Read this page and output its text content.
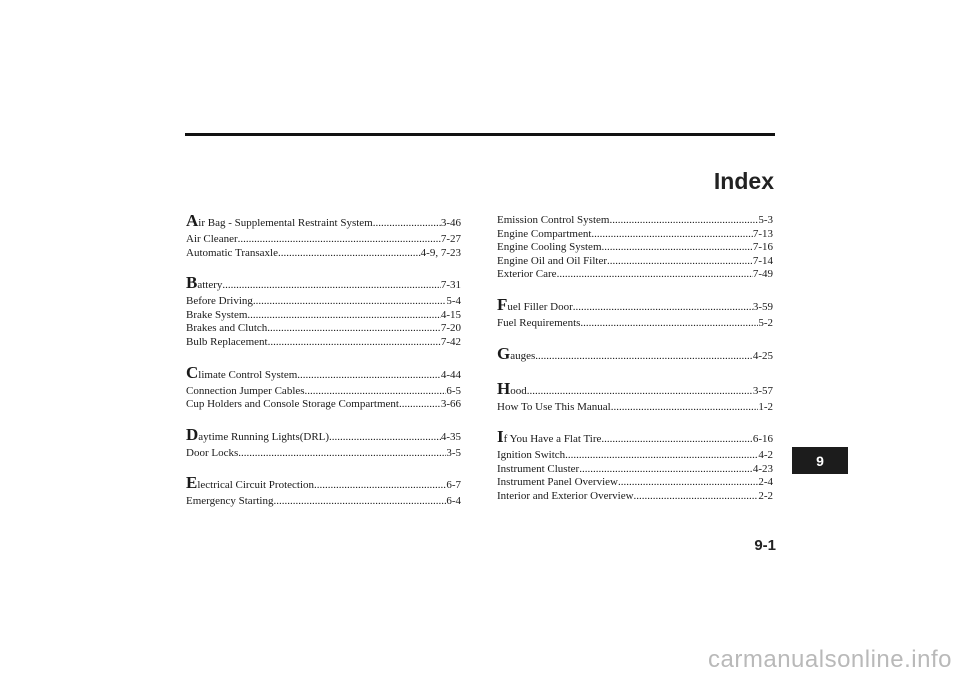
Index
Air Bag - Supplemental Restraint System .....	3-46
Air Cleaner .....	7-27
Automatic Transaxle .....	4-9, 7-23
Battery .....	7-31
Before Driving .....	5-4
Brake System .....	4-15
Brakes and Clutch .....	7-20
Bulb Replacement .....	7-42
Climate Control System .....	4-44
Connection Jumper Cables .....	6-5
Cup Holders and Console Storage Compartment .....	3-66
Daytime Running Lights(DRL) .....	4-35
Door Locks .....	3-5
Electrical Circuit Protection .....	6-7
Emergency Starting .....	6-4
Emission Control System .....	5-3
Engine Compartment .....	7-13
Engine Cooling System .....	7-16
Engine Oil and Oil Filter .....	7-14
Exterior Care .....	7-49
Fuel Filler Door .....	3-59
Fuel Requirements .....	5-2
Gauges .....	4-25
Hood .....	3-57
How To Use This Manual .....	1-2
If You Have a Flat Tire .....	6-16
Ignition Switch .....	4-2
Instrument Cluster .....	4-23
Instrument Panel Overview .....	2-4
Interior and Exterior Overview .....	2-2
9
9-1
carmanualsonline.info
